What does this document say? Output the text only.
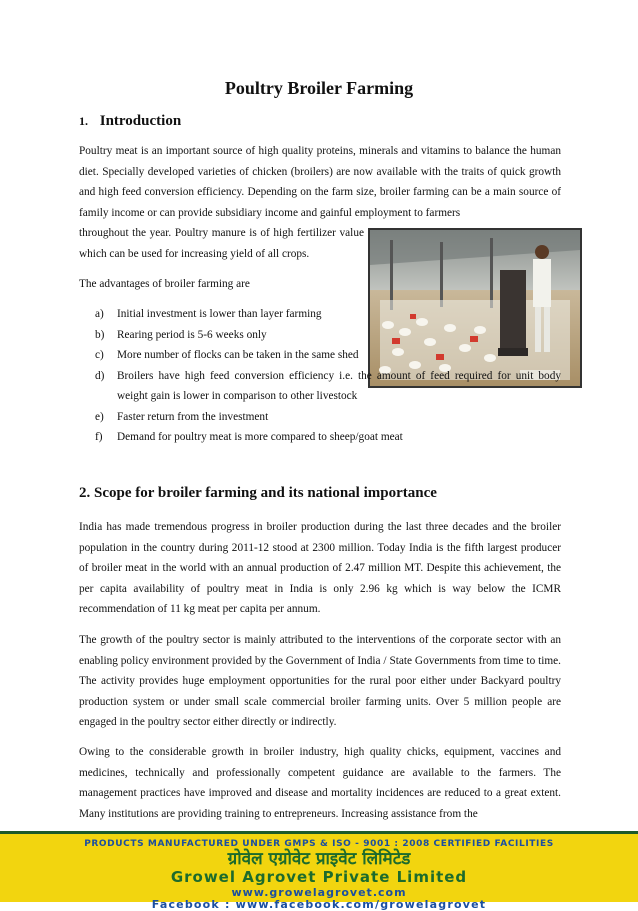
Poultry Broiler Farming
1. Introduction

Poultry meat is an important source of high quality proteins, minerals and vitamins to balance the human diet. Specially developed varieties of chicken (broilers) are now available with the traits of quick growth and high feed conversion efficiency. Depending on the farm size, broiler farming can be a main source of family income or can provide subsidiary income and gainful employment to farmers

throughout the year. Poultry manure is of high fertilizer value which can be used for increasing yield of all crops.

The advantages of broiler farming are

a) Initial investment is lower than layer farming
b) Rearing period is 5-6 weeks only
c) More number of flocks can be taken in the same shed
d) Broilers have high feed conversion efficiency i.e. the amount of feed required for unit body weight gain is lower in comparison to other livestock
e) Faster return from the investment
f) Demand for poultry meat is more compared to sheep/goat meat
2. Scope for broiler farming and its national importance

India has made tremendous progress in broiler production during the last three decades and the broiler population in the country during 2011-12 stood at 2300 million. Today India is the fifth largest producer of broiler meat in the world with an annual production of 2.47 million MT. Despite this achievement, the per capita availability of poultry meat in India is only 2.96 kg which is way below the ICMR recommendation of 11 kg meat per capita per annum.

The growth of the poultry sector is mainly attributed to the interventions of the corporate sector with an enabling policy environment provided by the Government of India / State Governments from time to time. The activity provides huge employment opportunities for the rural poor either under Backyard poultry production system or under small scale commercial broiler farming units. Over 5 million people are engaged in the poultry sector either directly or indirectly.

Owing to the considerable growth in broiler industry, high quality chicks, equipment, vaccines and medicines, technically and professionally competent guidance are available to the farmers. The management practices have improved and disease and mortality incidences are reduced to a great extent. Many institutions are providing training to entrepreneurs. Increasing assistance from the

PRODUCTS MANUFACTURED UNDER GMPS & ISO - 9001 : 2008 CERTIFIED FACILITIES
ग्रोवेल एग्रोवेट प्राइवेट लिमिटेड
Growel Agrovet Private Limited
www.growelagrovet.com
Facebook : www.facebook.com/growelagrovet
